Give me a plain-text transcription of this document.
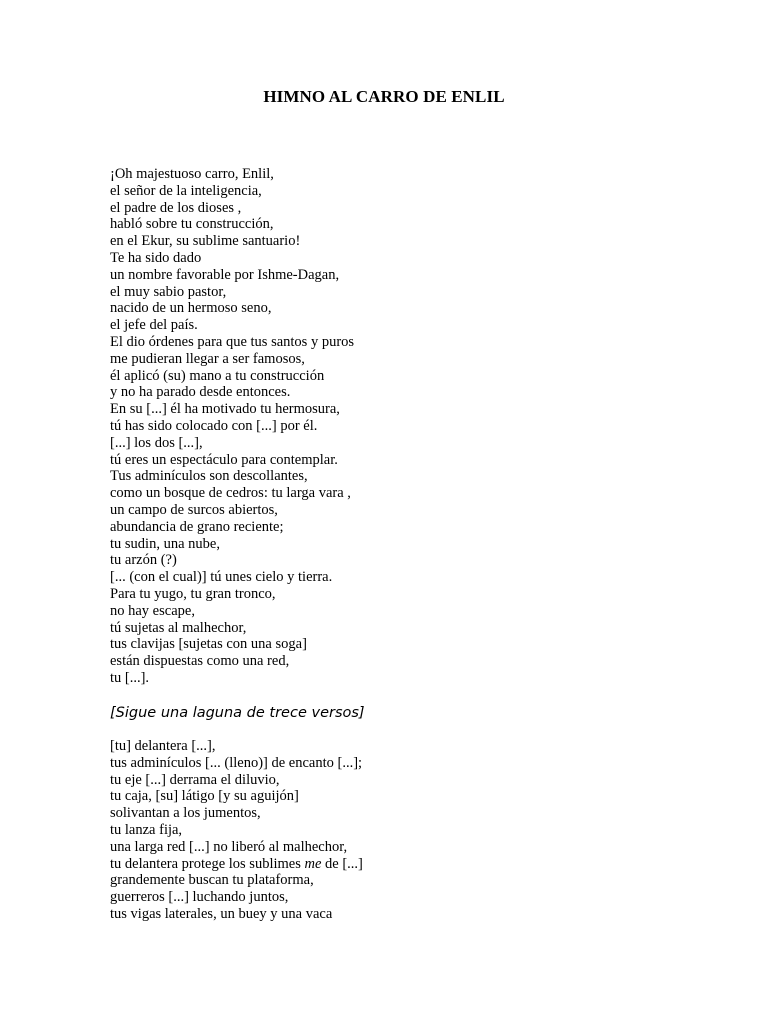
HIMNO AL CARRO DE ENLIL
¡Oh majestuoso carro, Enlil,
el señor de la inteligencia,
el padre de los dioses ,
habló sobre tu construcción,
en el Ekur, su sublime santuario!
Te ha sido dado
un nombre favorable por Ishme-Dagan,
el muy sabio pastor,
nacido de un hermoso seno,
el jefe del país.
El dio órdenes para que tus santos y puros
me pudieran llegar a ser famosos,
él aplicó (su) mano a tu construcción
y no ha parado desde entonces.
En su [...] él ha motivado tu hermosura,
tú has sido colocado con [...] por él.
[...] los dos [...],
tú eres un espectáculo para contemplar.
Tus adminículos son descollantes,
como un bosque de cedros: tu larga vara ,
un campo de surcos abiertos,
abundancia de grano reciente;
tu sudin, una nube,
tu arzón (?)
[... (con el cual)] tú unes cielo y tierra.
Para tu yugo, tu gran tronco,
no hay escape,
tú sujetas al malhechor,
tus clavijas [sujetas con una soga]
están dispuestas como una red,
tu [...].
[Sigue una laguna de trece versos]
[tu] delantera [...],
tus adminículos [... (lleno)] de encanto [...];
tu eje [...] derrama el diluvio,
tu caja, [su] látigo [y su aguijón]
solivantan a los jumentos,
tu lanza fija,
una larga red [...] no liberó al malhechor,
tu delantera protege los sublimes me de [...]
grandemente buscan tu plataforma,
guerreros [...] luchando juntos,
tus vigas laterales, un buey y una vaca
